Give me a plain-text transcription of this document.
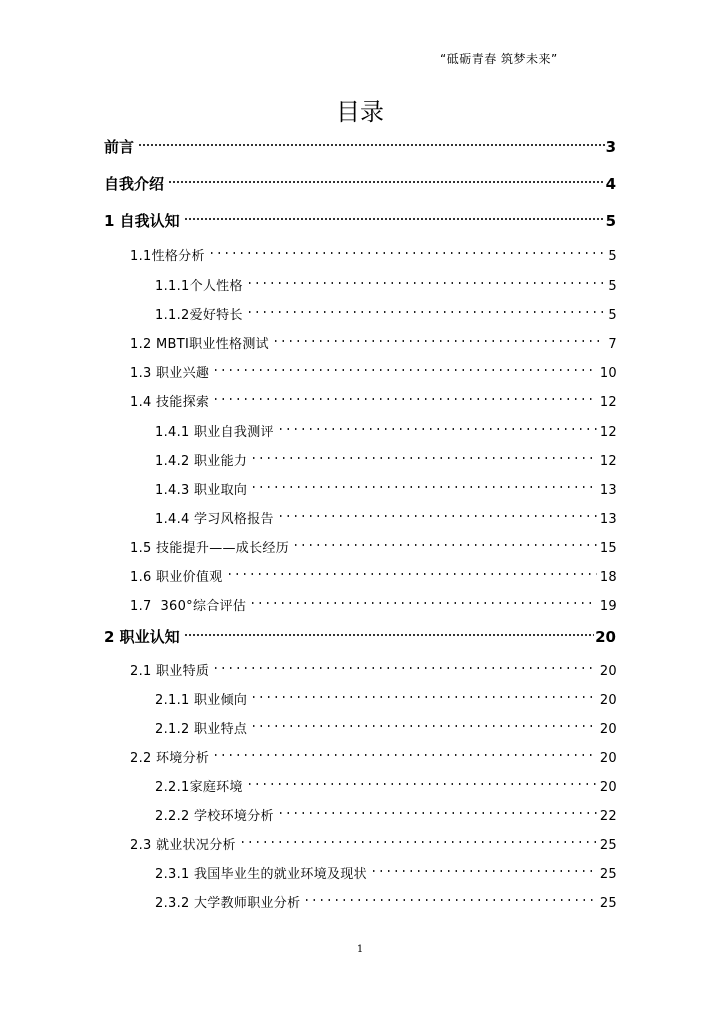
“砥砺青春 筑梦未来”
目录
前言	3
自我介绍	4
1 自我认知	5
1.1性格分析	5
1.1.1个人性格	5
1.1.2爱好特长	5
1.2 MBTI职业性格测试	7
1.3 职业兴趣	10
1.4 技能探索	12
1.4.1 职业自我测评	12
1.4.2 职业能力	12
1.4.3 职业取向	13
1.4.4 学习风格报告	13
1.5 技能提升——成长经历	15
1.6 职业价值观	18
1.7  360°综合评估	19
2 职业认知	20
2.1 职业特质	20
2.1.1 职业倾向	20
2.1.2 职业特点	20
2.2 环境分析	20
2.2.1家庭环境	20
2.2.2 学校环境分析	22
2.3 就业状况分析	25
2.3.1 我国毕业生的就业环境及现状	25
2.3.2 大学教师职业分析	25
1
